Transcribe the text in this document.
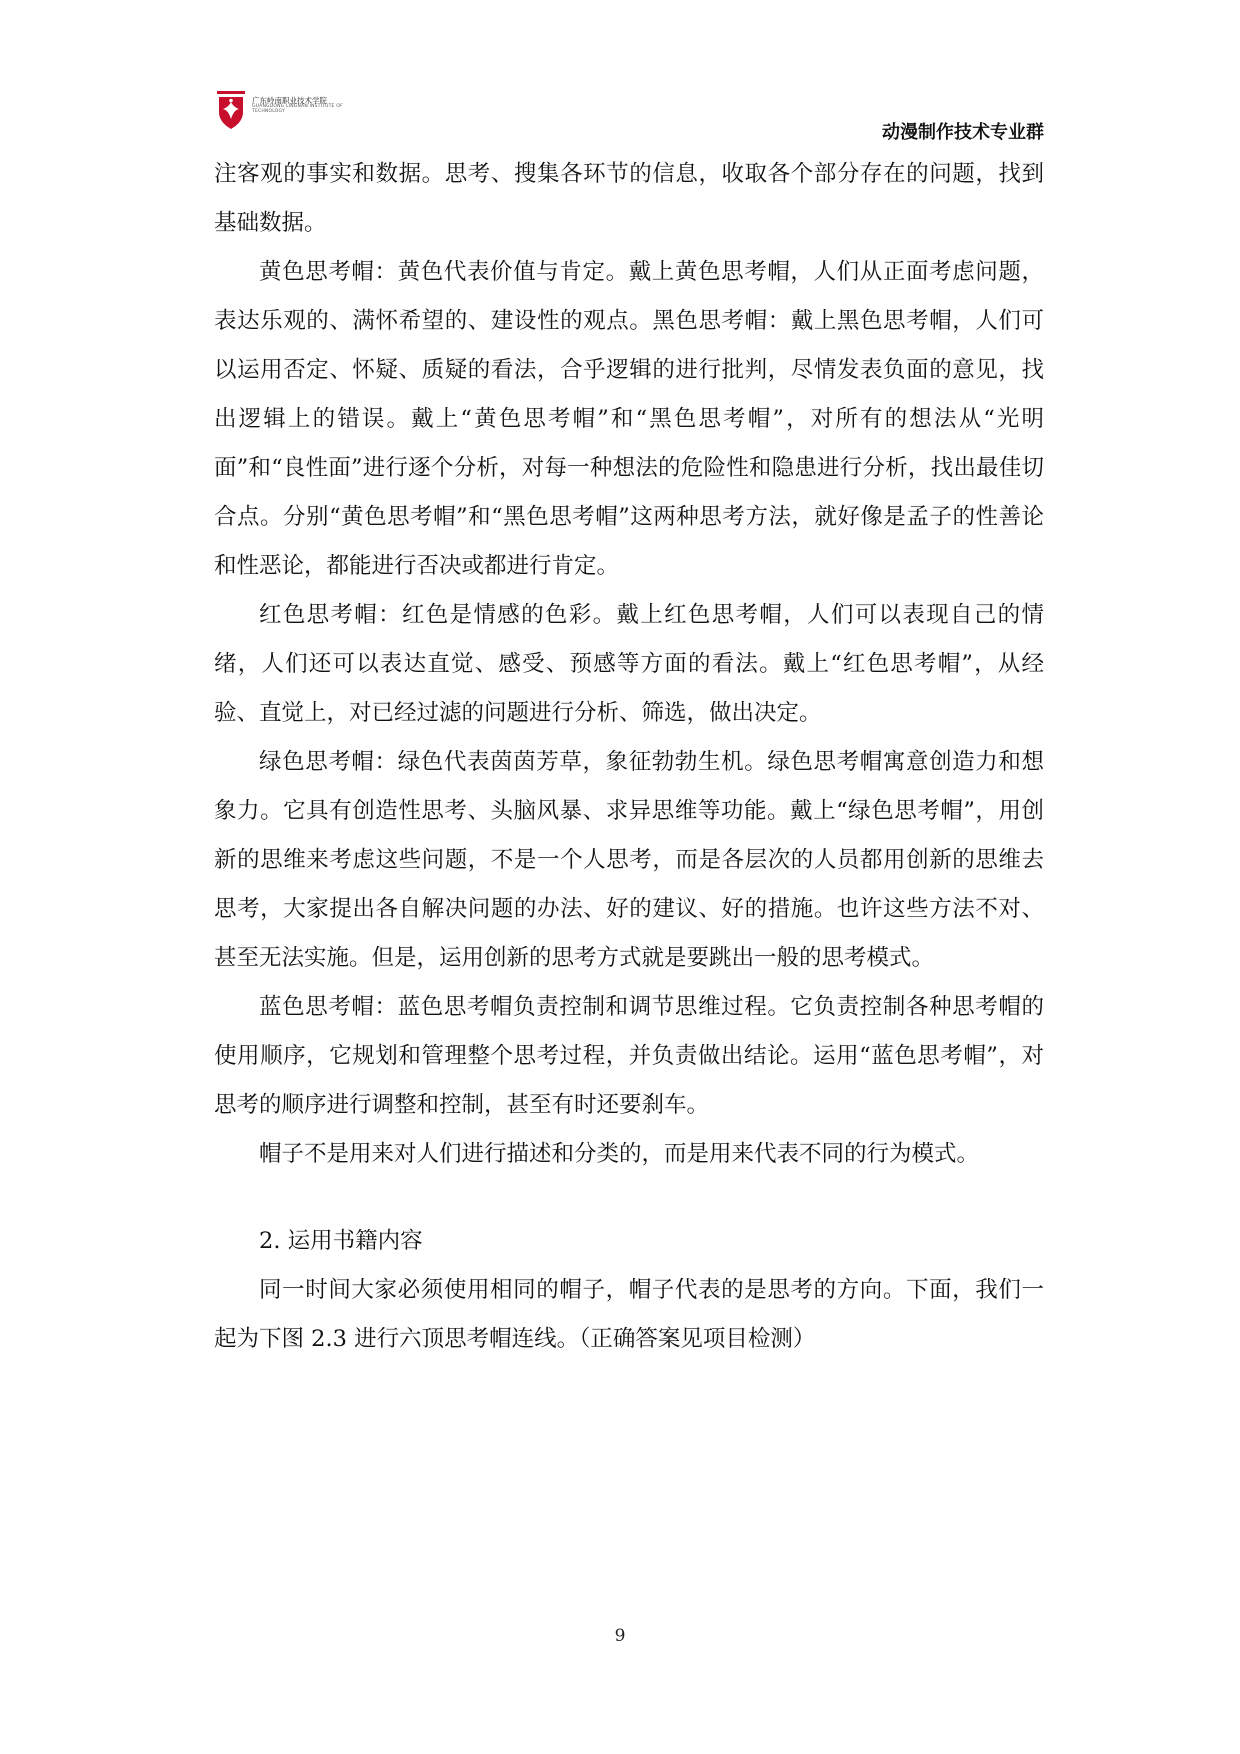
广东岭南职业技术学院
GUANGDONG LINGNAN INSTITUTE OF TECHNOLOGY
动漫制作技术专业群

注客观的事实和数据。思考、搜集各环节的信息，收取各个部分存在的问题，找到基础数据。

黄色思考帽：黄色代表价值与肯定。戴上黄色思考帽，人们从正面考虑问题，表达乐观的、满怀希望的、建设性的观点。黑色思考帽：戴上黑色思考帽，人们可以运用否定、怀疑、质疑的看法，合乎逻辑的进行批判，尽情发表负面的意见，找出逻辑上的错误。戴上“黄色思考帽”和“黑色思考帽”，对所有的想法从“光明面”和“良性面”进行逐个分析，对每一种想法的危险性和隐患进行分析，找出最佳切合点。分别“黄色思考帽”和“黑色思考帽”这两种思考方法，就好像是孟子的性善论和性恶论，都能进行否决或都进行肯定。

红色思考帽：红色是情感的色彩。戴上红色思考帽，人们可以表现自己的情绪，人们还可以表达直觉、感受、预感等方面的看法。戴上“红色思考帽”，从经验、直觉上，对已经过滤的问题进行分析、筛选，做出决定。

绿色思考帽：绿色代表茵茵芳草，象征勃勃生机。绿色思考帽寓意创造力和想象力。它具有创造性思考、头脑风暴、求异思维等功能。戴上“绿色思考帽”，用创新的思维来考虑这些问题，不是一个人思考，而是各层次的人员都用创新的思维去思考，大家提出各自解决问题的办法、好的建议、好的措施。也许这些方法不对、甚至无法实施。但是，运用创新的思考方式就是要跳出一般的思考模式。

蓝色思考帽：蓝色思考帽负责控制和调节思维过程。它负责控制各种思考帽的使用顺序，它规划和管理整个思考过程，并负责做出结论。运用“蓝色思考帽”，对思考的顺序进行调整和控制，甚至有时还要刹车。

帽子不是用来对人们进行描述和分类的，而是用来代表不同的行为模式。

2. 运用书籍内容

同一时间大家必须使用相同的帽子，帽子代表的是思考的方向。下面，我们一起为下图 2.3 进行六顶思考帽连线。（正确答案见项目检测）

9
